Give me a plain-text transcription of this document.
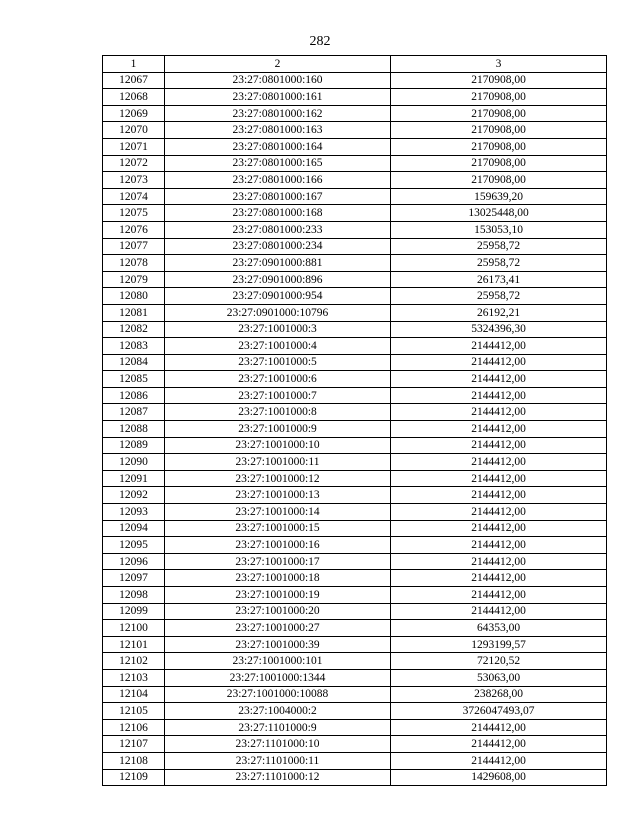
282
1	2	3
12067	23:27:0801000:160	2170908,00
12068	23:27:0801000:161	2170908,00
12069	23:27:0801000:162	2170908,00
12070	23:27:0801000:163	2170908,00
12071	23:27:0801000:164	2170908,00
12072	23:27:0801000:165	2170908,00
12073	23:27:0801000:166	2170908,00
12074	23:27:0801000:167	159639,20
12075	23:27:0801000:168	13025448,00
12076	23:27:0801000:233	153053,10
12077	23:27:0801000:234	25958,72
12078	23:27:0901000:881	25958,72
12079	23:27:0901000:896	26173,41
12080	23:27:0901000:954	25958,72
12081	23:27:0901000:10796	26192,21
12082	23:27:1001000:3	5324396,30
12083	23:27:1001000:4	2144412,00
12084	23:27:1001000:5	2144412,00
12085	23:27:1001000:6	2144412,00
12086	23:27:1001000:7	2144412,00
12087	23:27:1001000:8	2144412,00
12088	23:27:1001000:9	2144412,00
12089	23:27:1001000:10	2144412,00
12090	23:27:1001000:11	2144412,00
12091	23:27:1001000:12	2144412,00
12092	23:27:1001000:13	2144412,00
12093	23:27:1001000:14	2144412,00
12094	23:27:1001000:15	2144412,00
12095	23:27:1001000:16	2144412,00
12096	23:27:1001000:17	2144412,00
12097	23:27:1001000:18	2144412,00
12098	23:27:1001000:19	2144412,00
12099	23:27:1001000:20	2144412,00
12100	23:27:1001000:27	64353,00
12101	23:27:1001000:39	1293199,57
12102	23:27:1001000:101	72120,52
12103	23:27:1001000:1344	53063,00
12104	23:27:1001000:10088	238268,00
12105	23:27:1004000:2	3726047493,07
12106	23:27:1101000:9	2144412,00
12107	23:27:1101000:10	2144412,00
12108	23:27:1101000:11	2144412,00
12109	23:27:1101000:12	1429608,00
